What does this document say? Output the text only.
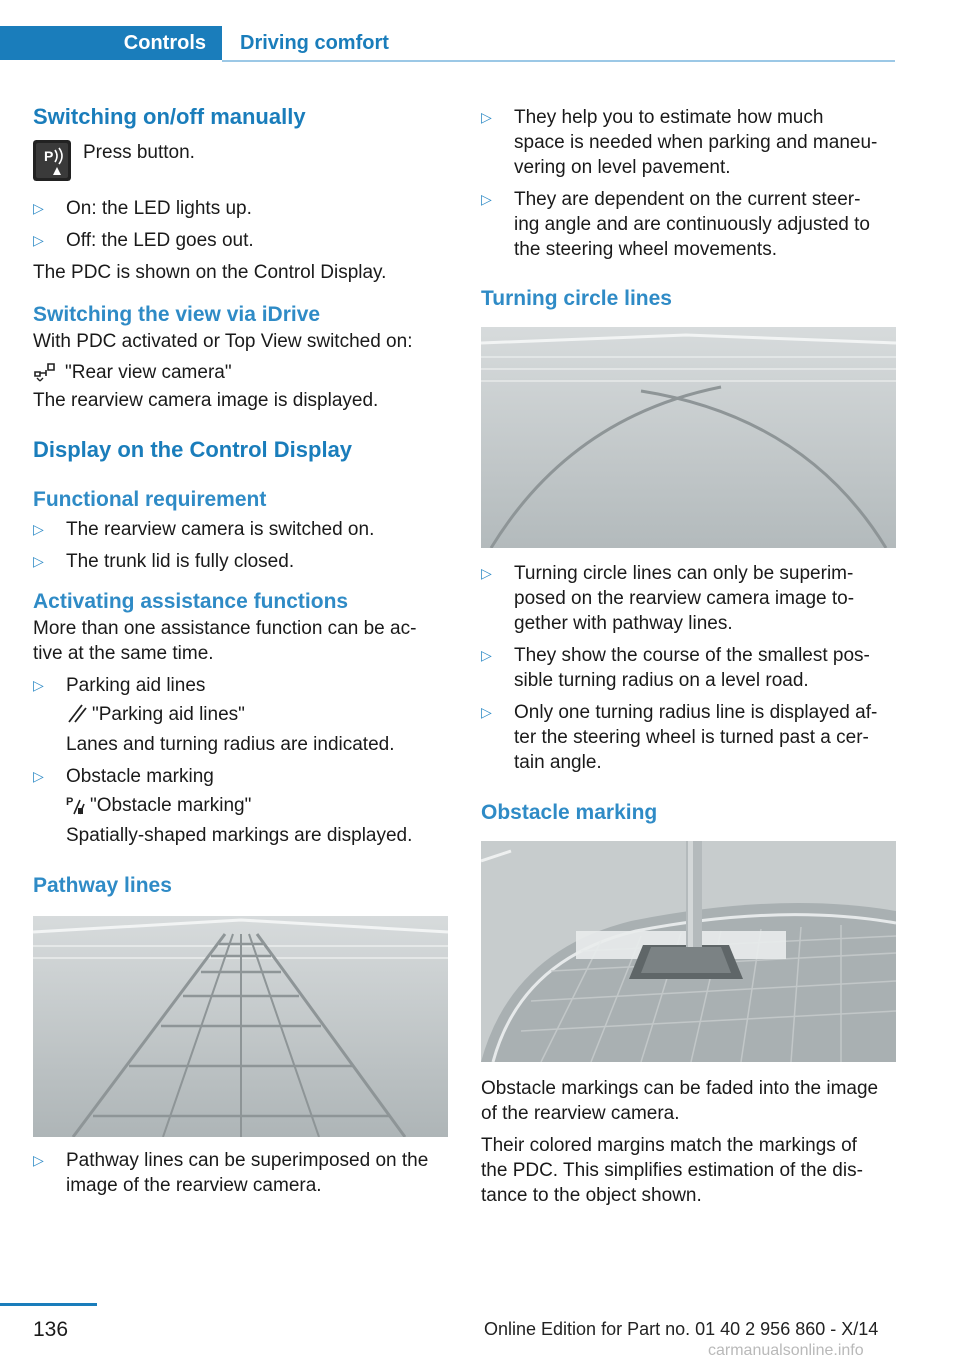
Controls	Driving comfort
Switching on/off manually
P Press button.
▷ On: the LED lights up.
▷ Off: the LED goes out.

The PDC is shown on the Control Display.

Switching the view via iDrive

With PDC activated or Top View switched on:

"Rear view camera"

The rearview camera image is displayed.

Display on the Control Display
Functional requirement
▷ The rearview camera is switched on.
▷ The trunk lid is fully closed.
Activating assistance functions

More than one assistance function can be ac-
tive at the same time.

▷ Parking aid lines
"Parking aid lines"
Lanes and turning radius are indicated.
▷ Obstacle marking
P "Obstacle marking"
Spatially-shaped markings are displayed.
Pathway lines
▷ Pathway lines can be superimposed on the
image of the rearview camera.
▷ They help you to estimate how much
space is needed when parking and maneu-
vering on level pavement.
▷ They are dependent on the current steer-
ing angle and are continuously adjusted to
the steering wheel movements.
Turning circle lines
▷ Turning circle lines can only be superim-
posed on the rearview camera image to-
gether with pathway lines.
▷ They show the course of the smallest pos-
sible turning radius on a level road.
▷ Only one turning radius line is displayed af-
ter the steering wheel is turned past a cer-
tain angle.
Obstacle marking

Obstacle markings can be faded into the image
of the rearview camera.

Their colored margins match the markings of
the PDC. This simplifies estimation of the dis-
tance to the object shown.

136	Online Edition for Part no. 01 40 2 956 860 - X/14
carmanualsonline.info
